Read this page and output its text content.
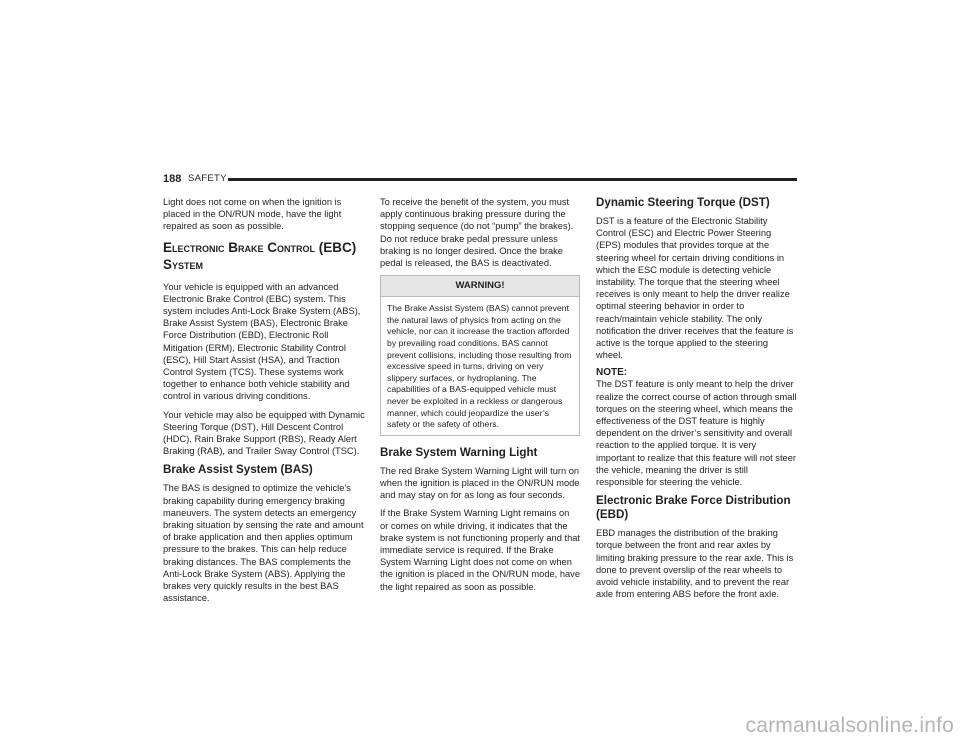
188 SAFETY

Light does not come on when the ignition is placed in the ON/RUN mode, have the light repaired as soon as possible.

Electronic Brake Control (EBC) System

Your vehicle is equipped with an advanced Electronic Brake Control (EBC) system. This system includes Anti-Lock Brake System (ABS), Brake Assist System (BAS), Electronic Brake Force Distribution (EBD), Electronic Roll Mitigation (ERM), Electronic Stability Control (ESC), Hill Start Assist (HSA), and Traction Control System (TCS). These systems work together to enhance both vehicle stability and control in various driving conditions.

Your vehicle may also be equipped with Dynamic Steering Torque (DST), Hill Descent Control (HDC), Rain Brake Support (RBS), Ready Alert Braking (RAB), and Trailer Sway Control (TSC).

Brake Assist System (BAS)

The BAS is designed to optimize the vehicle’s braking capability during emergency braking maneuvers. The system detects an emergency braking situation by sensing the rate and amount of brake application and then applies optimum pressure to the brakes. This can help reduce braking distances. The BAS complements the Anti-Lock Brake System (ABS). Applying the brakes very quickly results in the best BAS assistance.

To receive the benefit of the system, you must apply continuous braking pressure during the stopping sequence (do not “pump” the brakes). Do not reduce brake pedal pressure unless braking is no longer desired. Once the brake pedal is released, the BAS is deactivated.

WARNING!
The Brake Assist System (BAS) cannot prevent the natural laws of physics from acting on the vehicle, nor can it increase the traction afforded by prevailing road conditions. BAS cannot prevent collisions, including those resulting from excessive speed in turns, driving on very slippery surfaces, or hydroplaning. The capabilities of a BAS-equipped vehicle must never be exploited in a reckless or dangerous manner, which could jeopardize the user’s safety or the safety of others.
Brake System Warning Light

The red Brake System Warning Light will turn on when the ignition is placed in the ON/RUN mode and may stay on for as long as four seconds.

If the Brake System Warning Light remains on or comes on while driving, it indicates that the brake system is not functioning properly and that immediate service is required. If the Brake System Warning Light does not come on when the ignition is placed in the ON/RUN mode, have the light repaired as soon as possible.

Dynamic Steering Torque (DST)

DST is a feature of the Electronic Stability Control (ESC) and Electric Power Steering (EPS) modules that provides torque at the steering wheel for certain driving conditions in which the ESC module is detecting vehicle instability. The torque that the steering wheel receives is only meant to help the driver realize optimal steering behavior in order to reach/maintain vehicle stability. The only notification the driver receives that the feature is active is the torque applied to the steering wheel.

NOTE:

The DST feature is only meant to help the driver realize the correct course of action through small torques on the steering wheel, which means the effectiveness of the DST feature is highly dependent on the driver’s sensitivity and overall reaction to the applied torque. It is very important to realize that this feature will not steer the vehicle, meaning the driver is still responsible for steering the vehicle.

Electronic Brake Force Distribution (EBD)

EBD manages the distribution of the braking torque between the front and rear axles by limiting braking pressure to the rear axle. This is done to prevent overslip of the rear wheels to avoid vehicle instability, and to prevent the rear axle from entering ABS before the front axle.

carmanualsonline.info
